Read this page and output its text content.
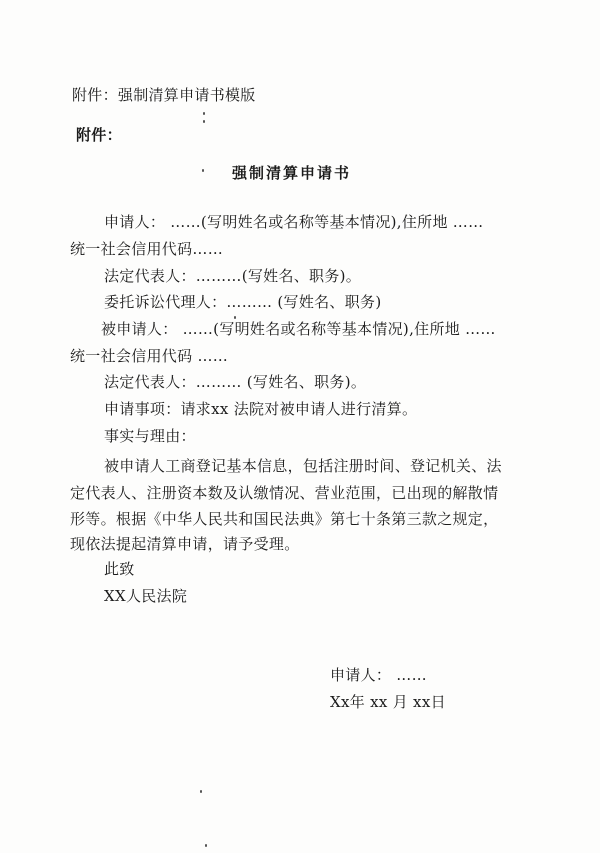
附件：强制清算申请书模版
附件：
强制清算申请书
申请人： ……(写明姓名或名称等基本情况),住所地 ……
统一社会信用代码……
法定代表人：………(写姓名、职务)。
委托诉讼代理人：……… (写姓名、职务)
被申请人： ……(写明姓名或名称等基本情况),住所地 ……
统一社会信用代码 ……
法定代表人：……… (写姓名、职务)。
申请事项：请求xx 法院对被申请人进行清算。
事实与理由：
被申请人工商登记基本信息，包括注册时间、登记机关、法
定代表人、注册资本数及认缴情况、营业范围，已出现的解散情
形等。根据《中华人民共和国民法典》第七十条第三款之规定，
现依法提起清算申请，请予受理。
此致
XX人民法院
申请人： ……
Xx年 xx 月 xx日
